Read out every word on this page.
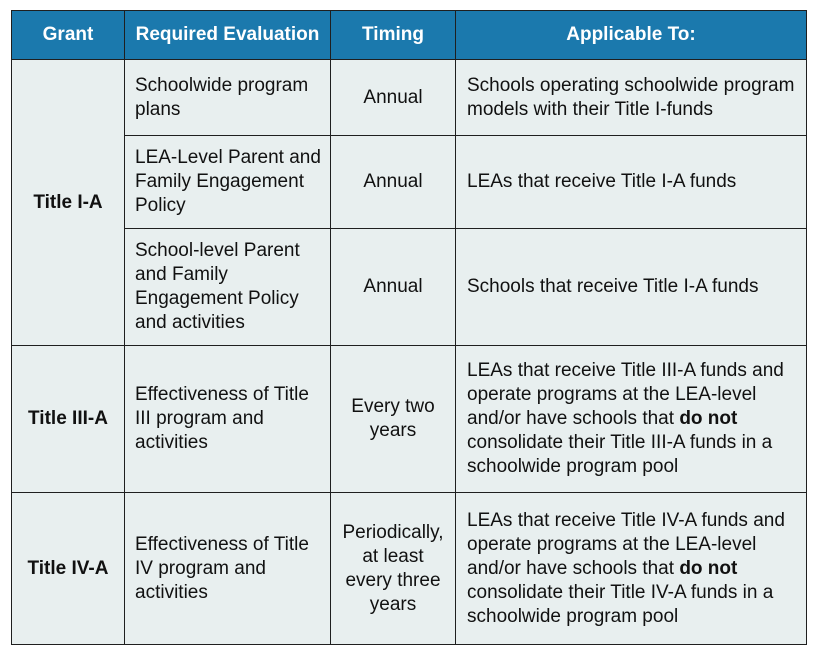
Grant	Required Evaluation	Timing	Applicable To:
Title I-A	Schoolwide program plans	Annual	Schools operating schoolwide program models with their Title I-funds
	LEA-Level Parent and Family Engagement Policy	Annual	LEAs that receive Title I-A funds
	School-level Parent and Family Engagement Policy and activities	Annual	Schools that receive Title I-A funds
Title III-A	Effectiveness of Title III program and activities	Every two years	LEAs that receive Title III-A funds and operate programs at the LEA-level and/or have schools that do not consolidate their Title III-A funds in a schoolwide program pool
Title IV-A	Effectiveness of Title IV program and activities	Periodically, at least every three years	LEAs that receive Title IV-A funds and operate programs at the LEA-level and/or have schools that do not consolidate their Title IV-A funds in a schoolwide program pool
